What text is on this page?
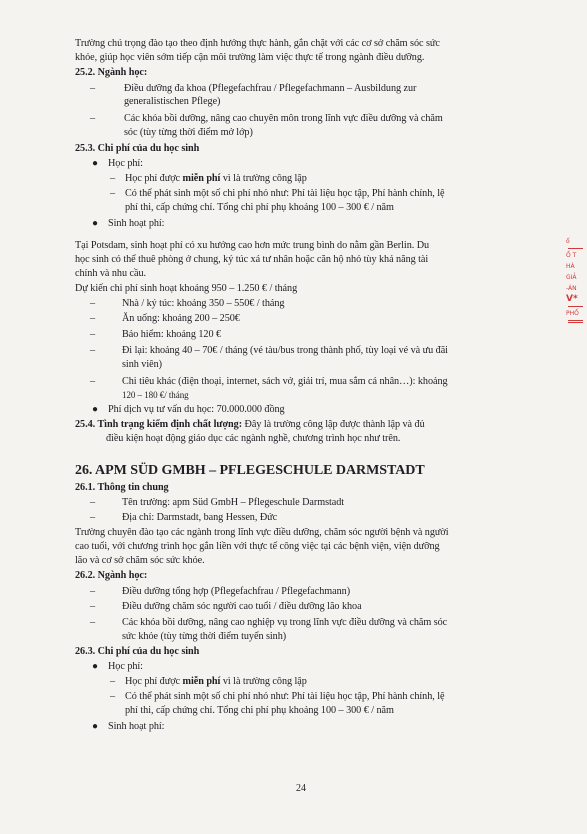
Trường chú trọng đào tạo theo định hướng thực hành, gắn chặt với các cơ sở chăm sóc sức
khỏe, giúp học viên sớm tiếp cận môi trường làm việc thực tế trong ngành điều dưỡng.
25.2. Ngành học:
–	Điều dưỡng đa khoa (Pflegefachfrau / Pflegefachmann – Ausbildung zur
generalistischen Pflege)
–	Các khóa bồi dưỡng, nâng cao chuyên môn trong lĩnh vực điều dưỡng và chăm
sóc (tùy từng thời điểm mở lớp)
25.3. Chi phí của du học sinh
● Học phí:
– Học phí được miễn phí vì là trường công lập
– Có thể phát sinh một số chi phí nhỏ như: Phí tài liệu học tập, Phí hành chính, lệ
phí thi, cấp chứng chỉ. Tổng chi phí phụ khoảng 100 – 300 € / năm
● Sinh hoạt phí:
Tại Potsdam, sinh hoạt phí có xu hướng cao hơn mức trung bình do nằm gần Berlin. Du
học sinh có thể thuê phòng ở chung, ký túc xá tư nhân hoặc căn hộ nhỏ tùy khả năng tài
chính và nhu cầu.
Dự kiến chi phí sinh hoạt khoảng 950 – 1.250 € / tháng
–	Nhà / ký túc: khoảng 350 – 550€ / tháng
–	Ăn uống: khoảng 200 – 250€
–	Bảo hiểm: khoảng 120 €
–	Đi lại: khoảng 40 – 70€ / tháng (vé tàu/bus trong thành phố, tùy loại vé và ưu đãi
sinh viên)
–	Chi tiêu khác (điện thoại, internet, sách vở, giải trí, mua sắm cá nhân…): khoảng
120 – 180 €/ tháng
● Phí dịch vụ tư vấn du học: 70.000.000 đồng
25.4. Tình trạng kiểm định chất lượng: Đây là trường công lập được thành lập và đủ
điều kiện hoạt động giáo dục các ngành nghề, chương trình học như trên.
26. APM SÜD GMBH – PFLEGESCHULE DARMSTADT
26.1. Thông tin chung
–	Tên trường: apm Süd GmbH – Pflegeschule Darmstadt
–	Địa chỉ: Darmstadt, bang Hessen, Đức
Trường chuyên đào tạo các ngành trong lĩnh vực điều dưỡng, chăm sóc người bệnh và người
cao tuổi, với chương trình học gắn liền với thực tế công việc tại các bệnh viện, viện dưỡng
lão và cơ sở chăm sóc sức khỏe.
26.2. Ngành học:
–	Điều dưỡng tổng hợp (Pflegefachfrau / Pflegefachmann)
–	Điều dưỡng chăm sóc người cao tuổi / điều dưỡng lão khoa
–	Các khóa bồi dưỡng, nâng cao nghiệp vụ trong lĩnh vực điều dưỡng và chăm sóc
sức khỏe (tùy từng thời điểm tuyển sinh)
26.3. Chi phí của du học sinh
● Học phí:
– Học phí được miễn phí vì là trường công lập
– Có thể phát sinh một số chi phí nhỏ như: Phí tài liệu học tập, Phí hành chính, lệ
phí thi, cấp chứng chỉ. Tổng chi phí phụ khoảng 100 – 300 € / năm
● Sinh hoạt phí:
24
ố
Ố T
HÀ
GIẢ
-ÁN
V*
PHỐ
